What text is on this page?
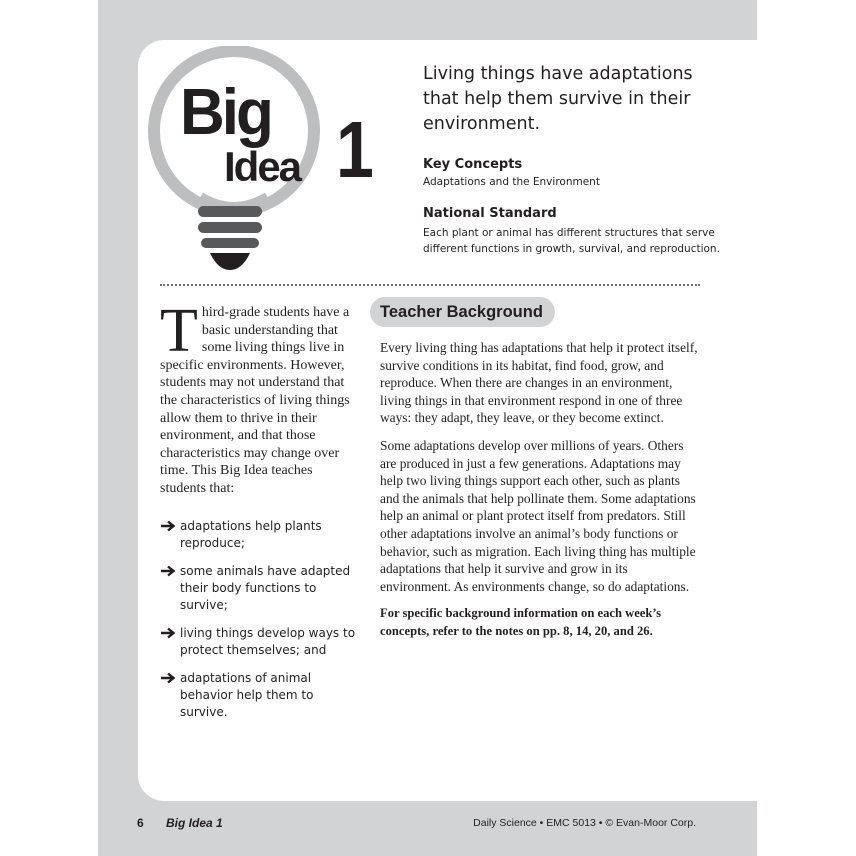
Big
Idea 1
Living things have adaptations that help them survive in their environment.
Key Concepts
Adaptations and the Environment
National Standard
Each plant or animal has different structures that serve different functions in growth, survival, and reproduction.

Third-grade students have a basic understanding that some living things live in specific environments. However, students may not understand that the characteristics of living things allow them to thrive in their environment, and that those characteristics may change over time. This Big Idea teaches students that:

adaptations help plants reproduce;
some animals have adapted their body functions to survive;
living things develop ways to protect themselves; and
adaptations of animal behavior help them to survive.
Teacher Background

Every living thing has adaptations that help it protect itself, survive conditions in its habitat, find food, grow, and reproduce. When there are changes in an environment, living things in that environment respond in one of three ways: they adapt, they leave, or they become extinct.

Some adaptations develop over millions of years. Others are produced in just a few generations. Adaptations may help two living things support each other, such as plants and the animals that help pollinate them. Some adaptations help an animal or plant protect itself from predators. Still other adaptations involve an animal’s body functions or behavior, such as migration. Each living thing has multiple adaptations that help it survive and grow in its environment. As environments change, so do adaptations.

For specific background information on each week’s concepts, refer to the notes on pp. 8, 14, 20, and 26.

6 Big Idea 1	Daily Science • EMC 5013 • © Evan-Moor Corp.
